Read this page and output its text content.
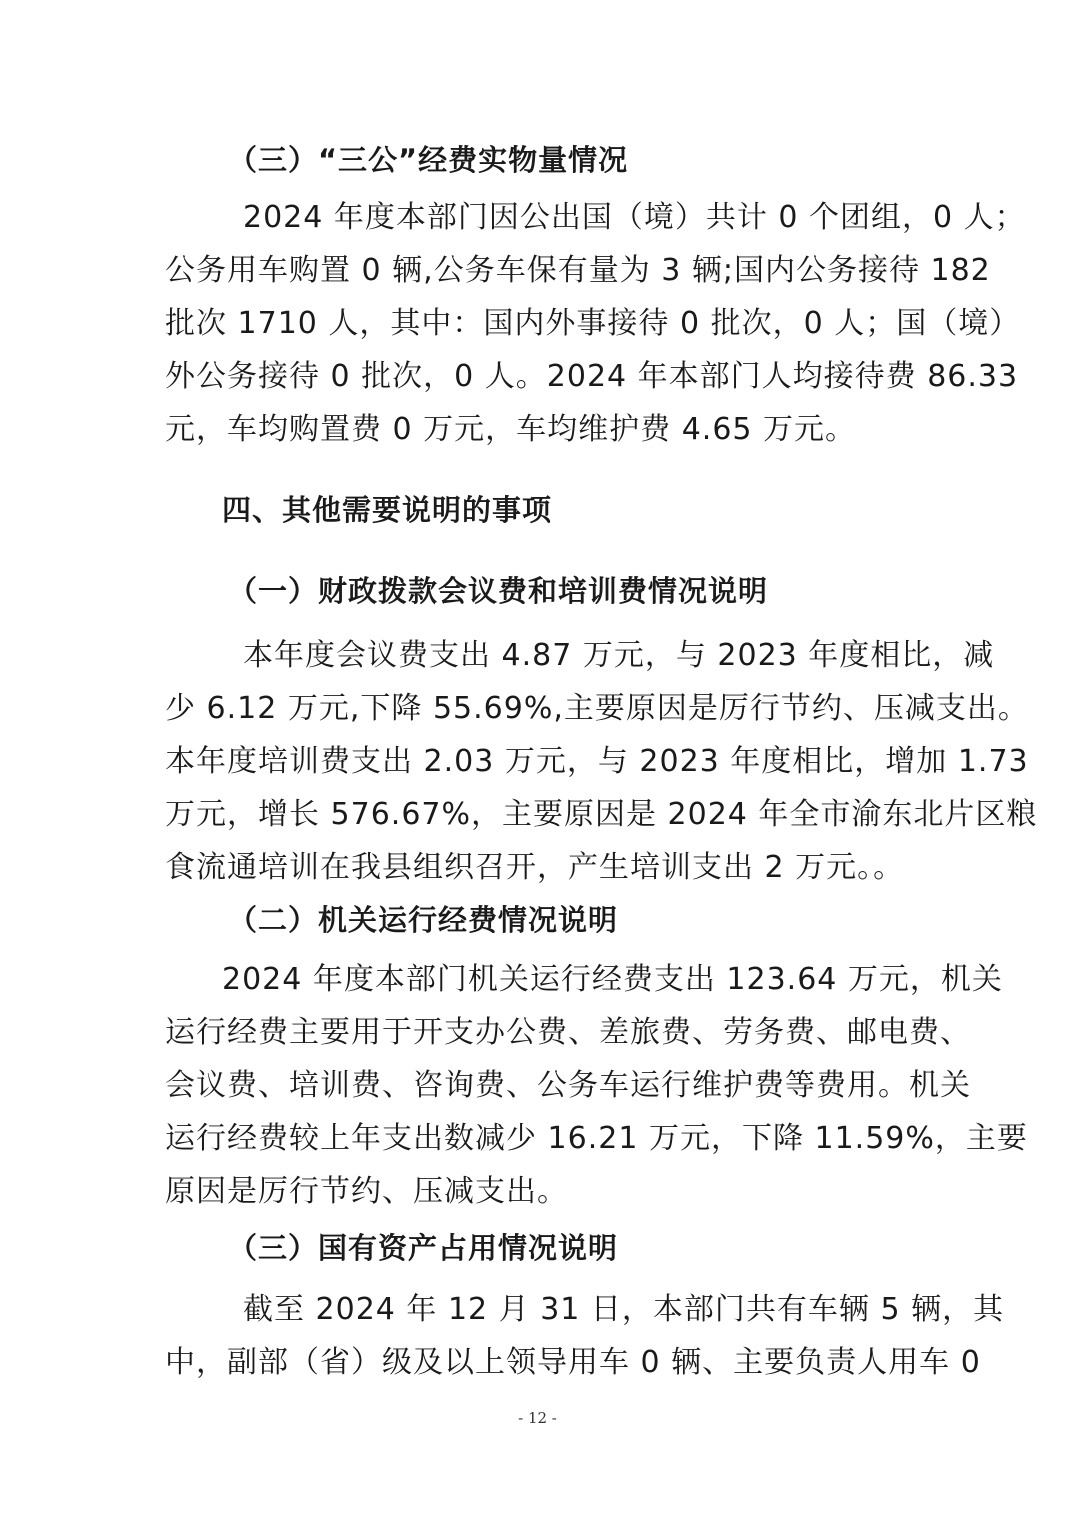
（三）“三公”经费实物量情况
2024 年度本部门因公出国（境）共计 0 个团组，0 人；
公务用车购置 0 辆,公务车保有量为 3 辆;国内公务接待 182
批次 1710 人，其中：国内外事接待 0 批次，0 人；国（境）
外公务接待 0 批次，0 人。2024 年本部门人均接待费 86.33
元，车均购置费 0 万元，车均维护费 4.65 万元。
四、其他需要说明的事项
（一）财政拨款会议费和培训费情况说明
本年度会议费支出 4.87 万元，与 2023 年度相比，减
少 6.12 万元,下降 55.69%,主要原因是厉行节约、压减支出。
本年度培训费支出 2.03 万元，与 2023 年度相比，增加 1.73
万元，增长 576.67%，主要原因是 2024 年全市渝东北片区粮
食流通培训在我县组织召开，产生培训支出 2 万元。。
（二）机关运行经费情况说明
2024 年度本部门机关运行经费支出 123.64 万元，机关
运行经费主要用于开支办公费、差旅费、劳务费、邮电费、
会议费、培训费、咨询费、公务车运行维护费等费用。机关
运行经费较上年支出数减少 16.21 万元，下降 11.59%，主要
原因是厉行节约、压减支出。
（三）国有资产占用情况说明
截至 2024 年 12 月 31 日，本部门共有车辆 5 辆，其
中，副部（省）级及以上领导用车 0 辆、主要负责人用车 0
- 12 -
